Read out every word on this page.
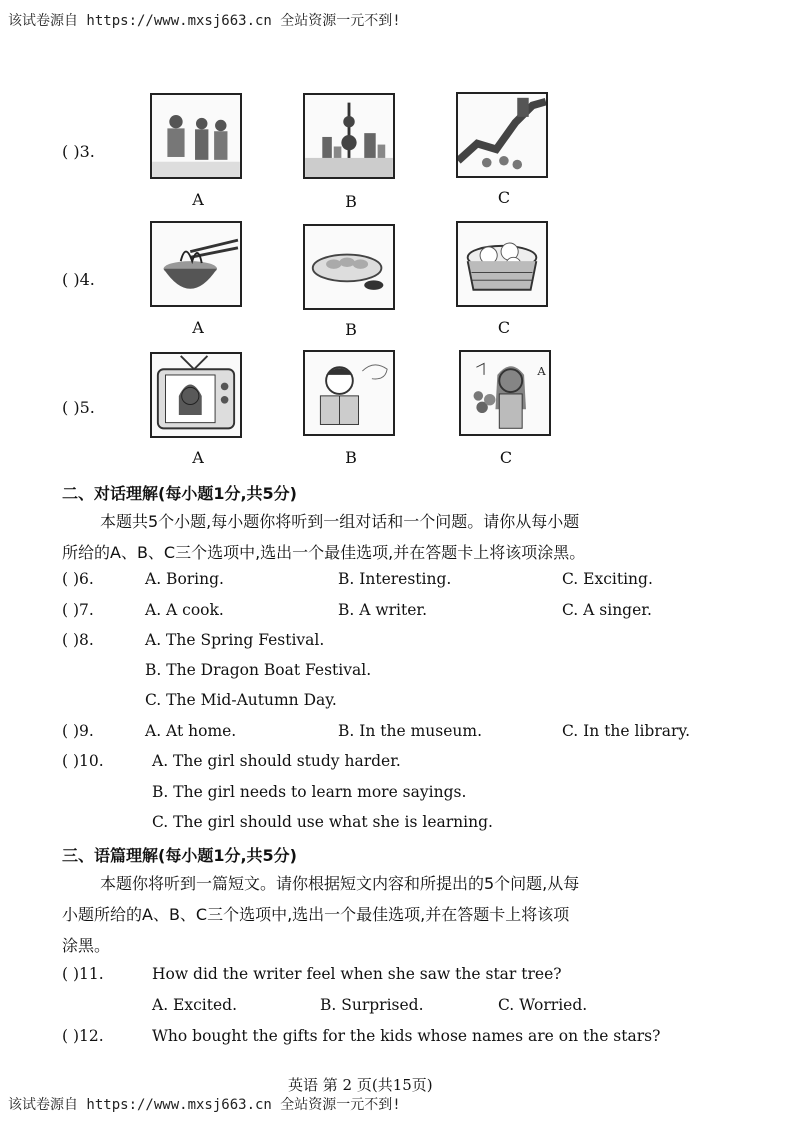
该试卷源自 https://www.mxsj663.cn 全站资源一元不到!
( )3.
A	B	C
( )4.
A	B	C
( )5.
A
A	B	C
二、对话理解(每小题1分,共5分)
本题共5个小题,每小题你将听到一组对话和一个问题。请你从每小题
所给的A、B、C三个选项中,选出一个最佳选项,并在答题卡上将该项涂黑。
( )6.	A. Boring.	B. Interesting.	C. Exciting.
( )7.	A. A cook.	B. A writer.	C. A singer.
( )8.	A. The Spring Festival.
B. The Dragon Boat Festival.
C. The Mid-Autumn Day.
( )9.	A. At home.	B. In the museum.	C. In the library.
( )10.	A. The girl should study harder.
B. The girl needs to learn more sayings.
C. The girl should use what she is learning.
三、语篇理解(每小题1分,共5分)
本题你将听到一篇短文。请你根据短文内容和所提出的5个问题,从每
小题所给的A、B、C三个选项中,选出一个最佳选项,并在答题卡上将该项
涂黑。
( )11.	How did the writer feel when she saw the star tree?
A. Excited.	B. Surprised.	C. Worried.
( )12.	Who bought the gifts for the kids whose names are on the stars?
英语 第 2 页(共15页)
该试卷源自 https://www.mxsj663.cn 全站资源一元不到!
